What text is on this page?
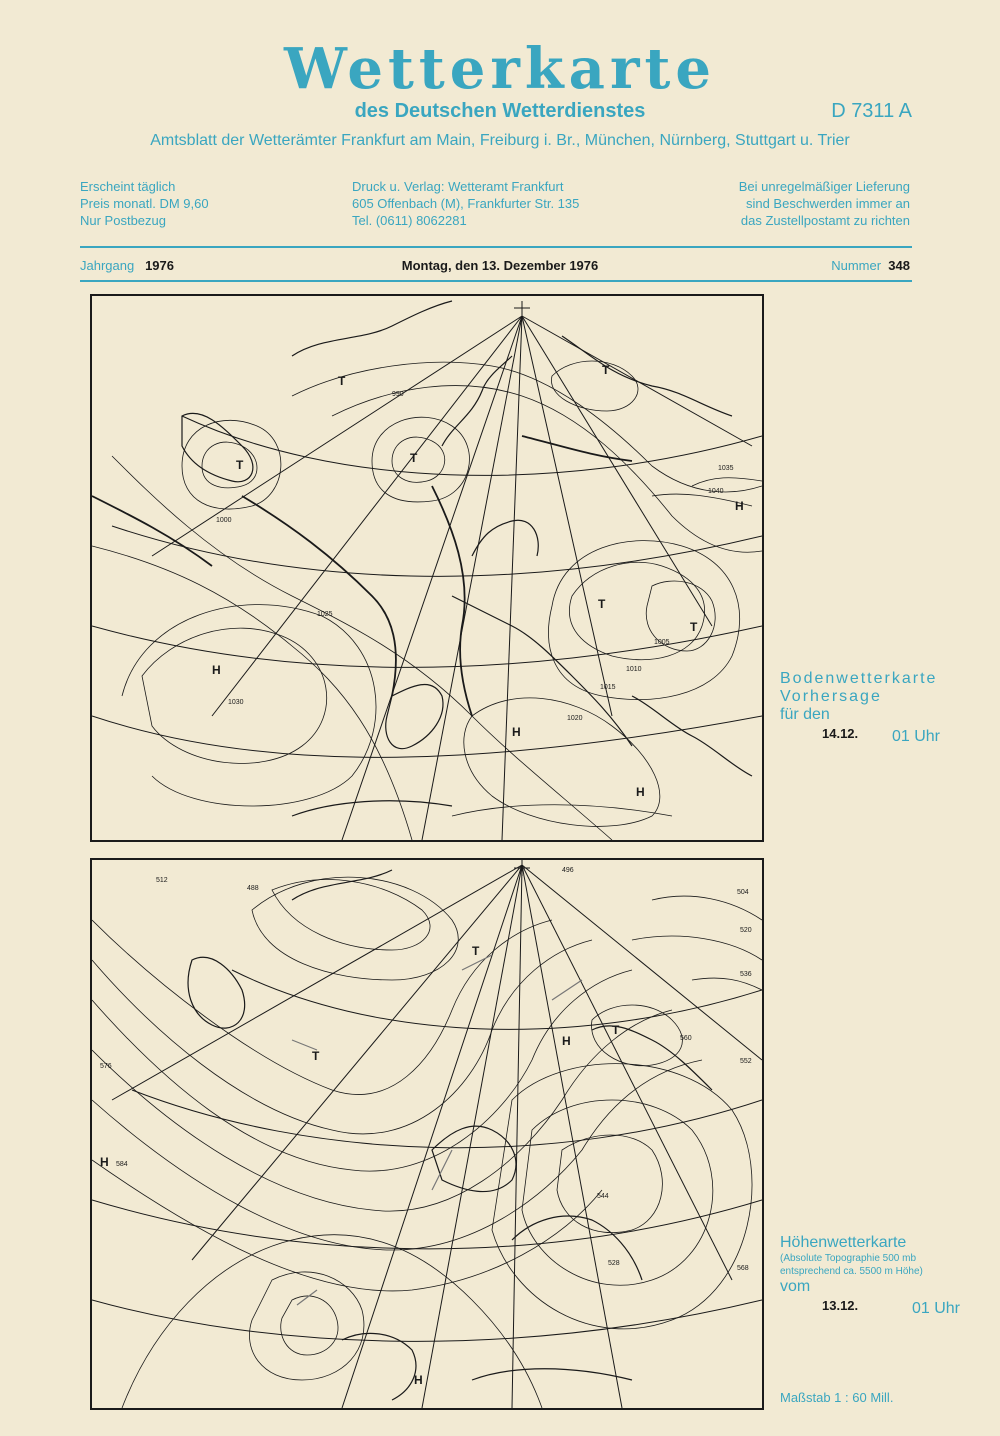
Wetterkarte
des Deutschen Wetterdienstes	D 7311 A
Amtsblatt der Wetterämter Frankfurt am Main, Freiburg i. Br., München, Nürnberg, Stuttgart u. Trier
Erscheint täglich
Preis monatl. DM 9,60
Nur Postbezug
Druck u. Verlag: Wetteramt Frankfurt
605 Offenbach (M), Frankfurter Str. 135
Tel. (0611) 8062281
Bei unregelmäßiger Lieferung
sind Beschwerden immer an
das Zustellpostamt zu richten
Montag, den 13. Dezember 1976
Jahrgang 1976	Nummer 348
H
H
H
H
T	T
T
T
T
T
1025
1030
1035
1040
1005
1015
1020
1010
990
1000
Bodenwetterkarte
Vorhersage
für den
14.12. 01 Uhr
H
H
H
T
T
T
544
528
512
496
488
504
520
536
552
576
584
560
568
Höhenwetterkarte
(Absolute Topographie 500 mb
entsprechend ca. 5500 m Höhe)
vom
13.12.	01 Uhr
Maßstab 1 : 60 Mill.
